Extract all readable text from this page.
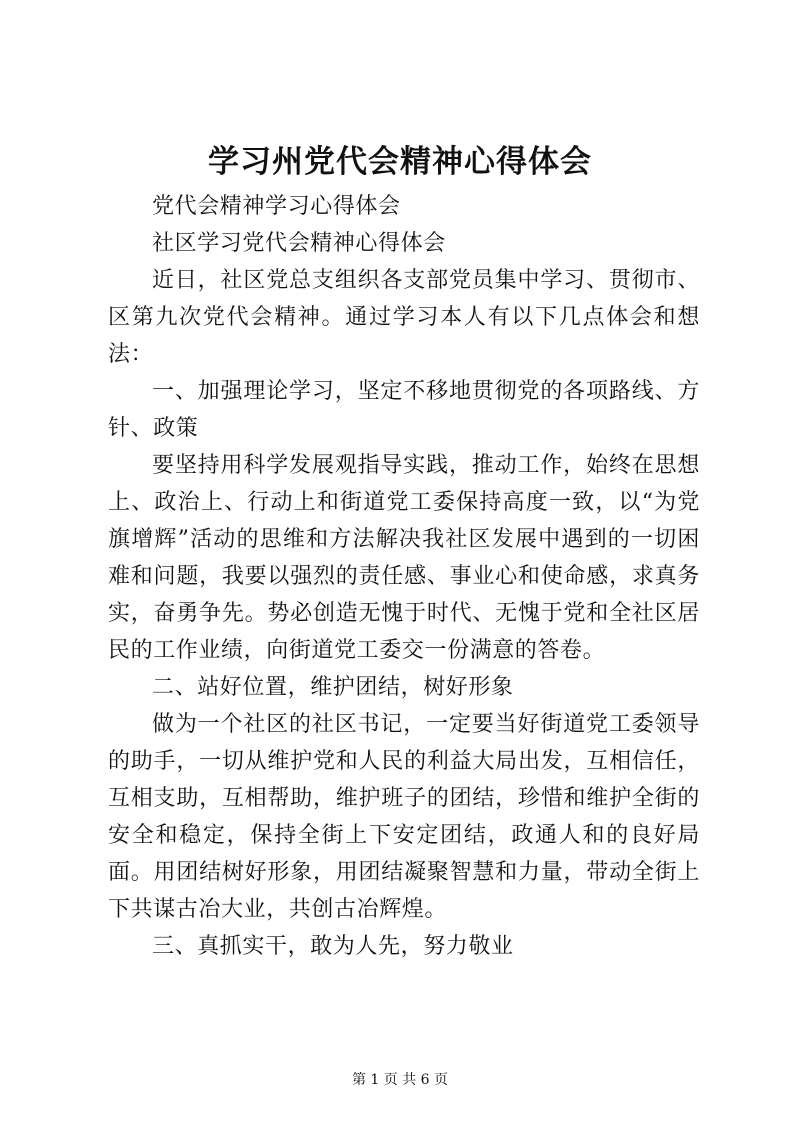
学习州党代会精神心得体会

党代会精神学习心得体会

社区学习党代会精神心得体会

近日，社区党总支组织各支部党员集中学习、贯彻市、区第九次党代会精神。通过学习本人有以下几点体会和想法：

一、加强理论学习，坚定不移地贯彻党的各项路线、方针、政策

要坚持用科学发展观指导实践，推动工作，始终在思想上、政治上、行动上和街道党工委保持高度一致，以“为党旗增辉”活动的思维和方法解决我社区发展中遇到的一切困难和问题，我要以强烈的责任感、事业心和使命感，求真务实，奋勇争先。势必创造无愧于时代、无愧于党和全社区居民的工作业绩，向街道党工委交一份满意的答卷。

二、站好位置，维护团结，树好形象

做为一个社区的社区书记，一定要当好街道党工委领导的助手，一切从维护党和人民的利益大局出发，互相信任，互相支助，互相帮助，维护班子的团结，珍惜和维护全街的安全和稳定，保持全街上下安定团结，政通人和的良好局面。用团结树好形象，用团结凝聚智慧和力量，带动全街上下共谋古冶大业，共创古冶辉煌。

三、真抓实干，敢为人先，努力敬业

第 1 页 共 6 页
